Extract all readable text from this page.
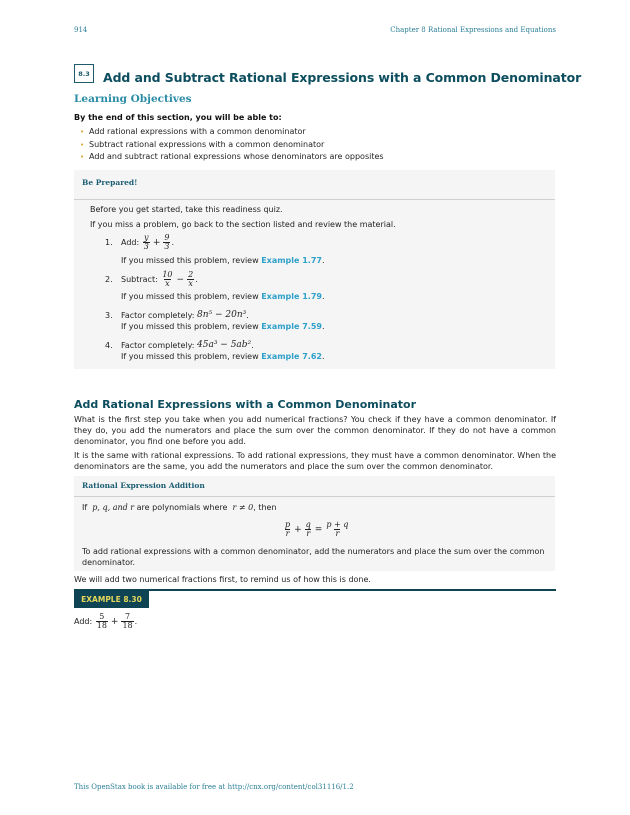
914	Chapter 8 Rational Expressions and Equations
8.3	Add and Subtract Rational Expressions with a Common Denominator
Learning Objectives
By the end of this section, you will be able to:
• Add rational expressions with a common denominator
• Subtract rational expressions with a common denominator
• Add and subtract rational expressions whose denominators are opposites
Be Prepared!
Before you get started, take this readiness quiz.
If you miss a problem, go back to the section listed and review the material.
1.	Add:
$\frac{y}{3} + \frac{9}{3}$ .
If you missed this problem, review Example 1.77.
2.	Subtract:
$\frac{10}{x} - \frac{2}{x}$ .
If you missed this problem, review Example 1.79.
3.	Factor completely:
8n⁵ − 20n³ .
If you missed this problem, review Example 7.59.
4.	Factor completely:
45a³ − 5ab² .
If you missed this problem, review Example 7.62.
Add Rational Expressions with a Common Denominator
What is the first step you take when you add numerical fractions? You check if they have a common denominator. If they do, you add the numerators and place the sum over the common denominator. If they do not have a common denominator, you find one before you add.
It is the same with rational expressions. To add rational expressions, they must have a common denominator. When the denominators are the same, you add the numerators and place the sum over the common denominator.
Rational Expression Addition
If
p, q, and r
are polynomials where
r ≠ 0 , then
$\frac{p}{r} + \frac{q}{r} = \frac{p + q}{r}$
To add rational expressions with a common denominator, add the numerators and place the sum over the common denominator.
We will add two numerical fractions first, to remind us of how this is done.
EXAMPLE 8.30
Add:
$\frac{5}{18} + \frac{7}{18}$ .
This OpenStax book is available for free at http://cnx.org/content/col31116/1.2
